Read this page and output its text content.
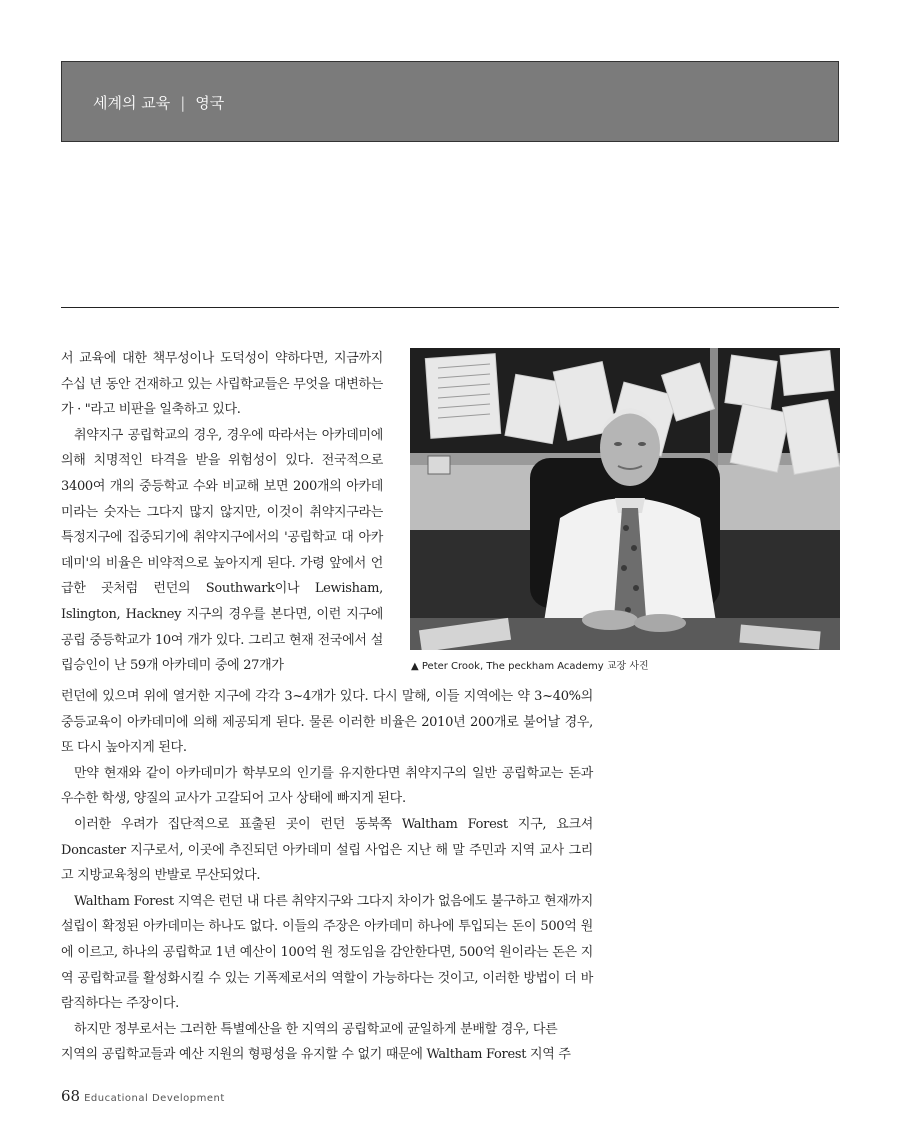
세계의 교육 | 영국
▲ Peter Crook, The peckham Academy 교장 사진

서 교육에 대한 책무성이나 도덕성이 약하다면, 지금까지 수십 년 동안 건재하고 있는 사립학교들은 무엇을 대변하는가 · "라고 비판을 일축하고 있다.

취약지구 공립학교의 경우, 경우에 따라서는 아카데미에 의해 치명적인 타격을 받을 위험성이 있다. 전국적으로 3400여 개의 중등학교 수와 비교해 보면 200개의 아카데미라는 숫자는 그다지 많지 않지만, 이것이 취약지구라는 특정지구에 집중되기에 취약지구에서의 '공립학교 대 아카데미'의 비율은 비약적으로 높아지게 된다. 가령 앞에서 언급한 곳처럼 런던의 Southwark이나 Lewisham, Islington, Hackney 지구의 경우를 본다면, 이런 지구에 공립 중등학교가 10여 개가 있다. 그리고 현재 전국에서 설립승인이 난 59개 아카데미 중에 27개가

런던에 있으며 위에 열거한 지구에 각각 3~4개가 있다. 다시 말해, 이들 지역에는 약 3~40%의 중등교육이 아카데미에 의해 제공되게 된다. 물론 이러한 비율은 2010년 200개로 불어날 경우, 또 다시 높아지게 된다.

만약 현재와 같이 아카데미가 학부모의 인기를 유지한다면 취약지구의 일반 공립학교는 돈과 우수한 학생, 양질의 교사가 고갈되어 고사 상태에 빠지게 된다.

이러한 우려가 집단적으로 표출된 곳이 런던 동북쪽 Waltham Forest 지구, 요크셔 Doncaster 지구로서, 이곳에 추진되던 아카데미 설립 사업은 지난 해 말 주민과 지역 교사 그리고 지방교육청의 반발로 무산되었다.

Waltham Forest 지역은 런던 내 다른 취약지구와 그다지 차이가 없음에도 불구하고 현재까지 설립이 확정된 아카데미는 하나도 없다. 이들의 주장은 아카데미 하나에 투입되는 돈이 500억 원에 이르고, 하나의 공립학교 1년 예산이 100억 원 정도임을 감안한다면, 500억 원이라는 돈은 지역 공립학교를 활성화시킬 수 있는 기폭제로서의 역할이 가능하다는 것이고, 이러한 방법이 더 바람직하다는 주장이다.

하지만 정부로서는 그러한 특별예산을 한 지역의 공립학교에 균일하게 분배할 경우, 다른

지역의 공립학교들과 예산 지원의 형평성을 유지할 수 없기 때문에 Waltham Forest 지역 주

68 Educational Development
